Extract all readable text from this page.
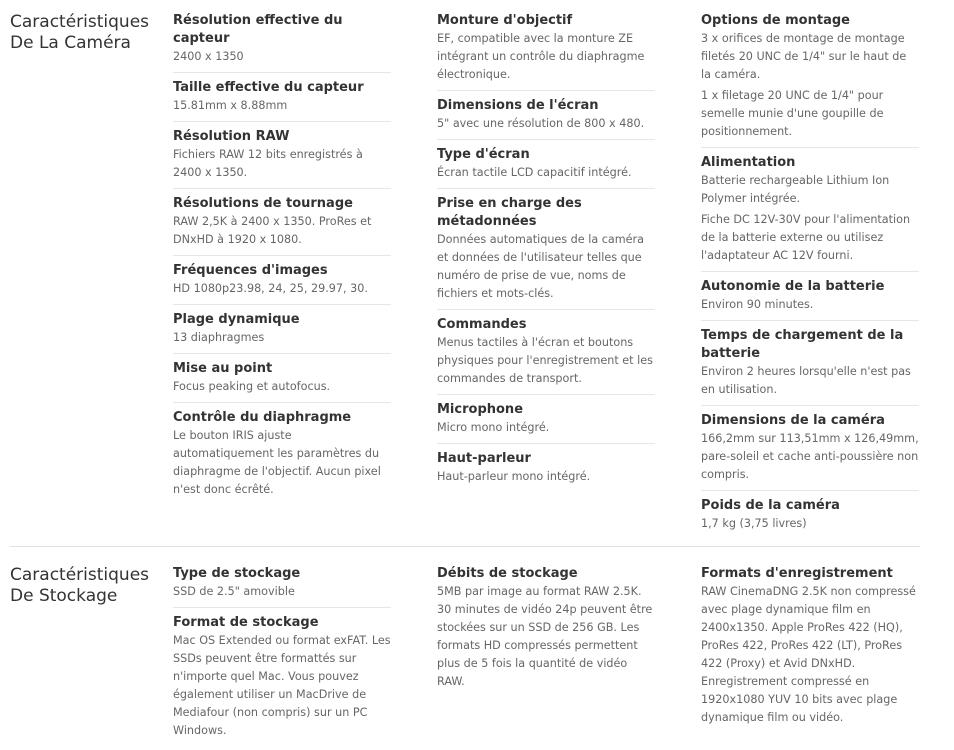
Caractéristiques
De La Caméra
Résolution effective du capteur

2400 x 1350

Taille effective du capteur

15.81mm x 8.88mm

Résolution RAW

Fichiers RAW 12 bits enregistrés à 2400 x 1350.

Résolutions de tournage

RAW 2,5K à 2400 x 1350. ProRes et DNxHD à 1920 x 1080.

Fréquences d'images

HD 1080p23.98, 24, 25, 29.97, 30.

Plage dynamique

13 diaphragmes

Mise au point

Focus peaking et autofocus.

Contrôle du diaphragme

Le bouton IRIS ajuste automatiquement les paramètres du diaphragme de l'objectif. Aucun pixel n'est donc écrêté.

Monture d'objectif

EF, compatible avec la monture ZE intégrant un contrôle du diaphragme électronique.

Dimensions de l'écran

5" avec une résolution de 800 x 480.

Type d'écran

Écran tactile LCD capacitif intégré.

Prise en charge des métadonnées

Données automatiques de la caméra et données de l'utilisateur telles que numéro de prise de vue, noms de fichiers et mots-clés.

Commandes

Menus tactiles à l'écran et boutons physiques pour l'enregistrement et les commandes de transport.

Microphone

Micro mono intégré.

Haut-parleur

Haut-parleur mono intégré.

Options de montage

3 x orifices de montage de montage filetés 20 UNC de 1/4" sur le haut de la caméra.

1 x filetage 20 UNC de 1/4" pour semelle munie d'une goupille de positionnement.

Alimentation

Batterie rechargeable Lithium Ion Polymer intégrée.

Fiche DC 12V-30V pour l'alimentation de la batterie externe ou utilisez l'adaptateur AC 12V fourni.

Autonomie de la batterie

Environ 90 minutes.

Temps de chargement de la batterie

Environ 2 heures lorsqu'elle n'est pas en utilisation.

Dimensions de la caméra

166,2mm sur 113,51mm x 126,49mm, pare-soleil et cache anti-poussière non compris.

Poids de la caméra

1,7 kg (3,75 livres)

Caractéristiques
De Stockage
Type de stockage

SSD de 2.5" amovible

Format de stockage

Mac OS Extended ou format exFAT. Les SSDs peuvent être formattés sur n'importe quel Mac. Vous pouvez également utiliser un MacDrive de Mediafour (non compris) sur un PC Windows.

Débits de stockage

5MB par image au format RAW 2.5K. 30 minutes de vidéo 24p peuvent être stockées sur un SSD de 256 GB. Les formats HD compressés permettent plus de 5 fois la quantité de vidéo RAW.

Formats d'enregistrement

RAW CinemaDNG 2.5K non compressé avec plage dynamique film en 2400x1350. Apple ProRes 422 (HQ), ProRes 422, ProRes 422 (LT), ProRes 422 (Proxy) et Avid DNxHD. Enregistrement compressé en 1920x1080 YUV 10 bits avec plage dynamique film ou vidéo.
